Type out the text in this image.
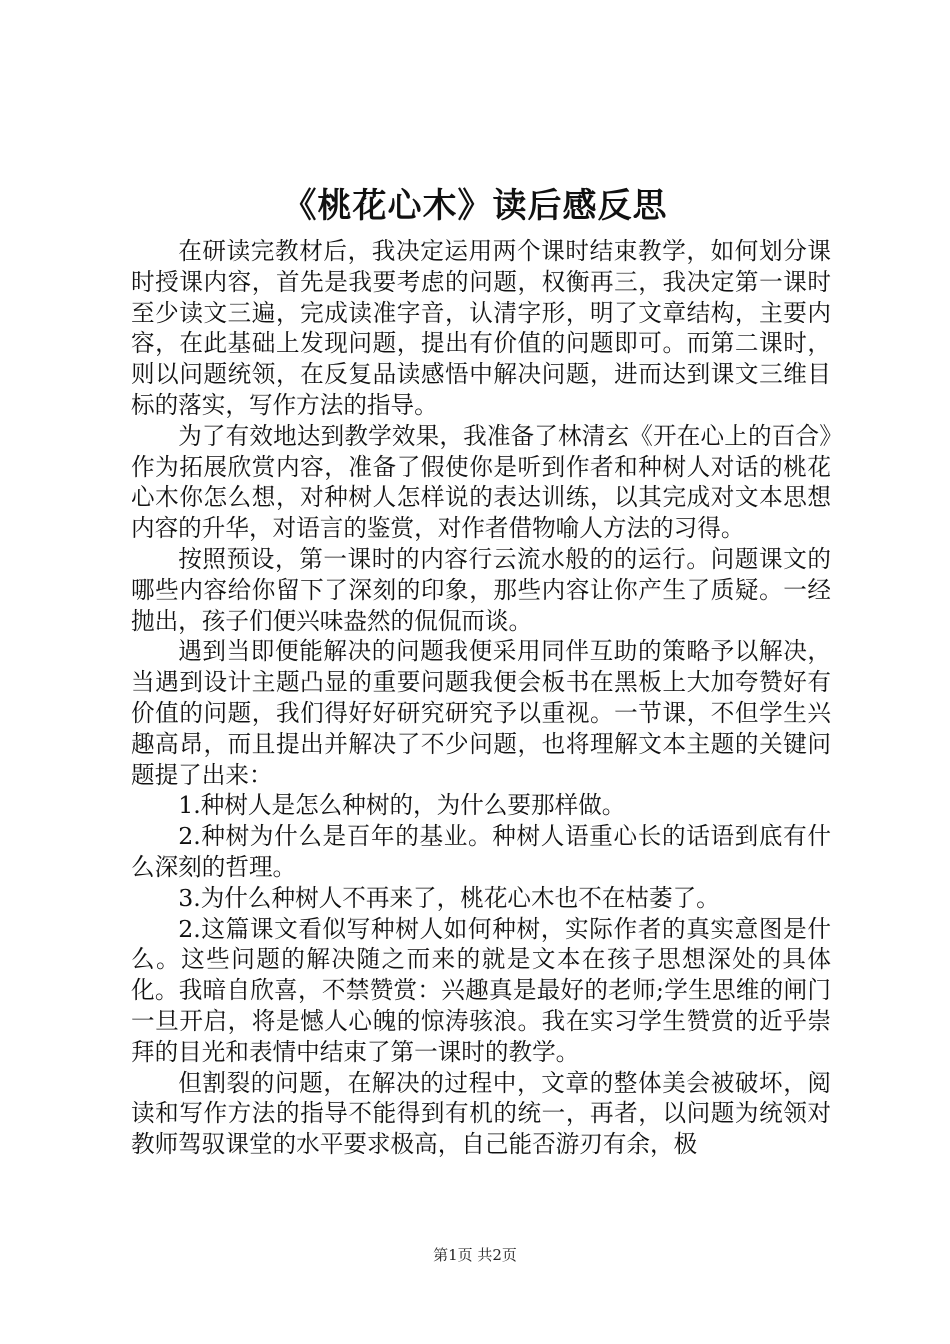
《桃花心木》读后感反思

在研读完教材后，我决定运用两个课时结束教学，如何划分课时授课内容，首先是我要考虑的问题，权衡再三，我决定第一课时至少读文三遍，完成读准字音，认清字形，明了文章结构，主要内容，在此基础上发现问题，提出有价值的问题即可。而第二课时，则以问题统领，在反复品读感悟中解决问题，进而达到课文三维目标的落实，写作方法的指导。

为了有效地达到教学效果，我准备了林清玄《开在心上的百合》作为拓展欣赏内容，准备了假使你是听到作者和种树人对话的桃花心木你怎么想，对种树人怎样说的表达训练，以其完成对文本思想内容的升华，对语言的鉴赏，对作者借物喻人方法的习得。

按照预设，第一课时的内容行云流水般的的运行。问题课文的哪些内容给你留下了深刻的印象，那些内容让你产生了质疑。一经抛出，孩子们便兴味盎然的侃侃而谈。

遇到当即便能解决的问题我便采用同伴互助的策略予以解决，当遇到设计主题凸显的重要问题我便会板书在黑板上大加夸赞好有价值的问题，我们得好好研究研究予以重视。一节课，不但学生兴趣高昂，而且提出并解决了不少问题，也将理解文本主题的关键问题提了出来：

1.种树人是怎么种树的，为什么要那样做。

2.种树为什么是百年的基业。种树人语重心长的话语到底有什么深刻的哲理。

3.为什么种树人不再来了，桃花心木也不在枯萎了。

2.这篇课文看似写种树人如何种树，实际作者的真实意图是什么。这些问题的解决随之而来的就是文本在孩子思想深处的具体化。我暗自欣喜，不禁赞赏：兴趣真是最好的老师;学生思维的闸门一旦开启，将是憾人心魄的惊涛骇浪。我在实习学生赞赏的近乎崇拜的目光和表情中结束了第一课时的教学。

但割裂的问题，在解决的过程中，文章的整体美会被破坏，阅读和写作方法的指导不能得到有机的统一，再者，以问题为统领对教师驾驭课堂的水平要求极高，自己能否游刃有余，极

第1页 共2页
